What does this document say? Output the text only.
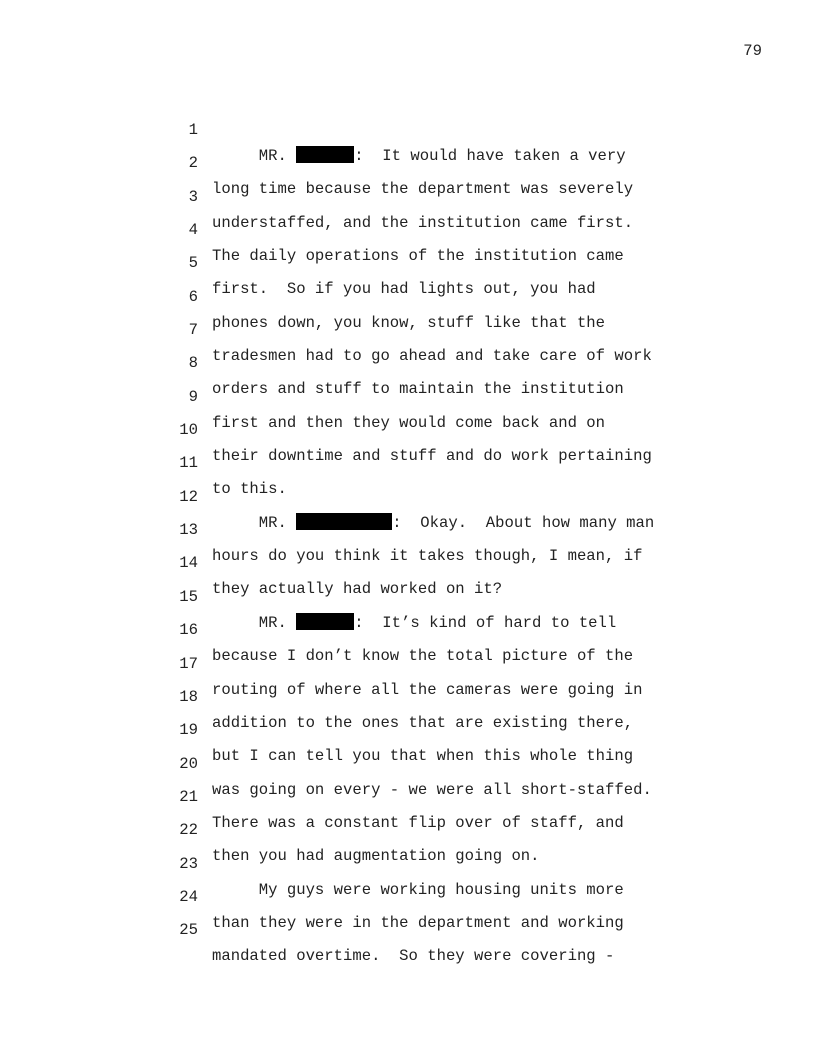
79

1

MR.	:  It would have taken a very

2

long time because the department was severely

3

understaffed, and the institution came first.

4

The daily operations of the institution came

5

first.  So if you had lights out, you had

6

phones down, you know, stuff like that the

7

tradesmen had to go ahead and take care of work

8

orders and stuff to maintain the institution

9

first and then they would come back and on

10

their downtime and stuff and do work pertaining

11

to this.

12

MR.	:  Okay.  About how many man

13

hours do you think it takes though, I mean, if

14

they actually had worked on it?

15

MR.	:  It’s kind of hard to tell

16

because I don’t know the total picture of the

17

routing of where all the cameras were going in

18

addition to the ones that are existing there,

19

but I can tell you that when this whole thing

20

was going on every - we were all short-staffed.

21

There was a constant flip over of staff, and

22

then you had augmentation going on.

23

My guys were working housing units more

24

than they were in the department and working

25

mandated overtime.  So they were covering -
